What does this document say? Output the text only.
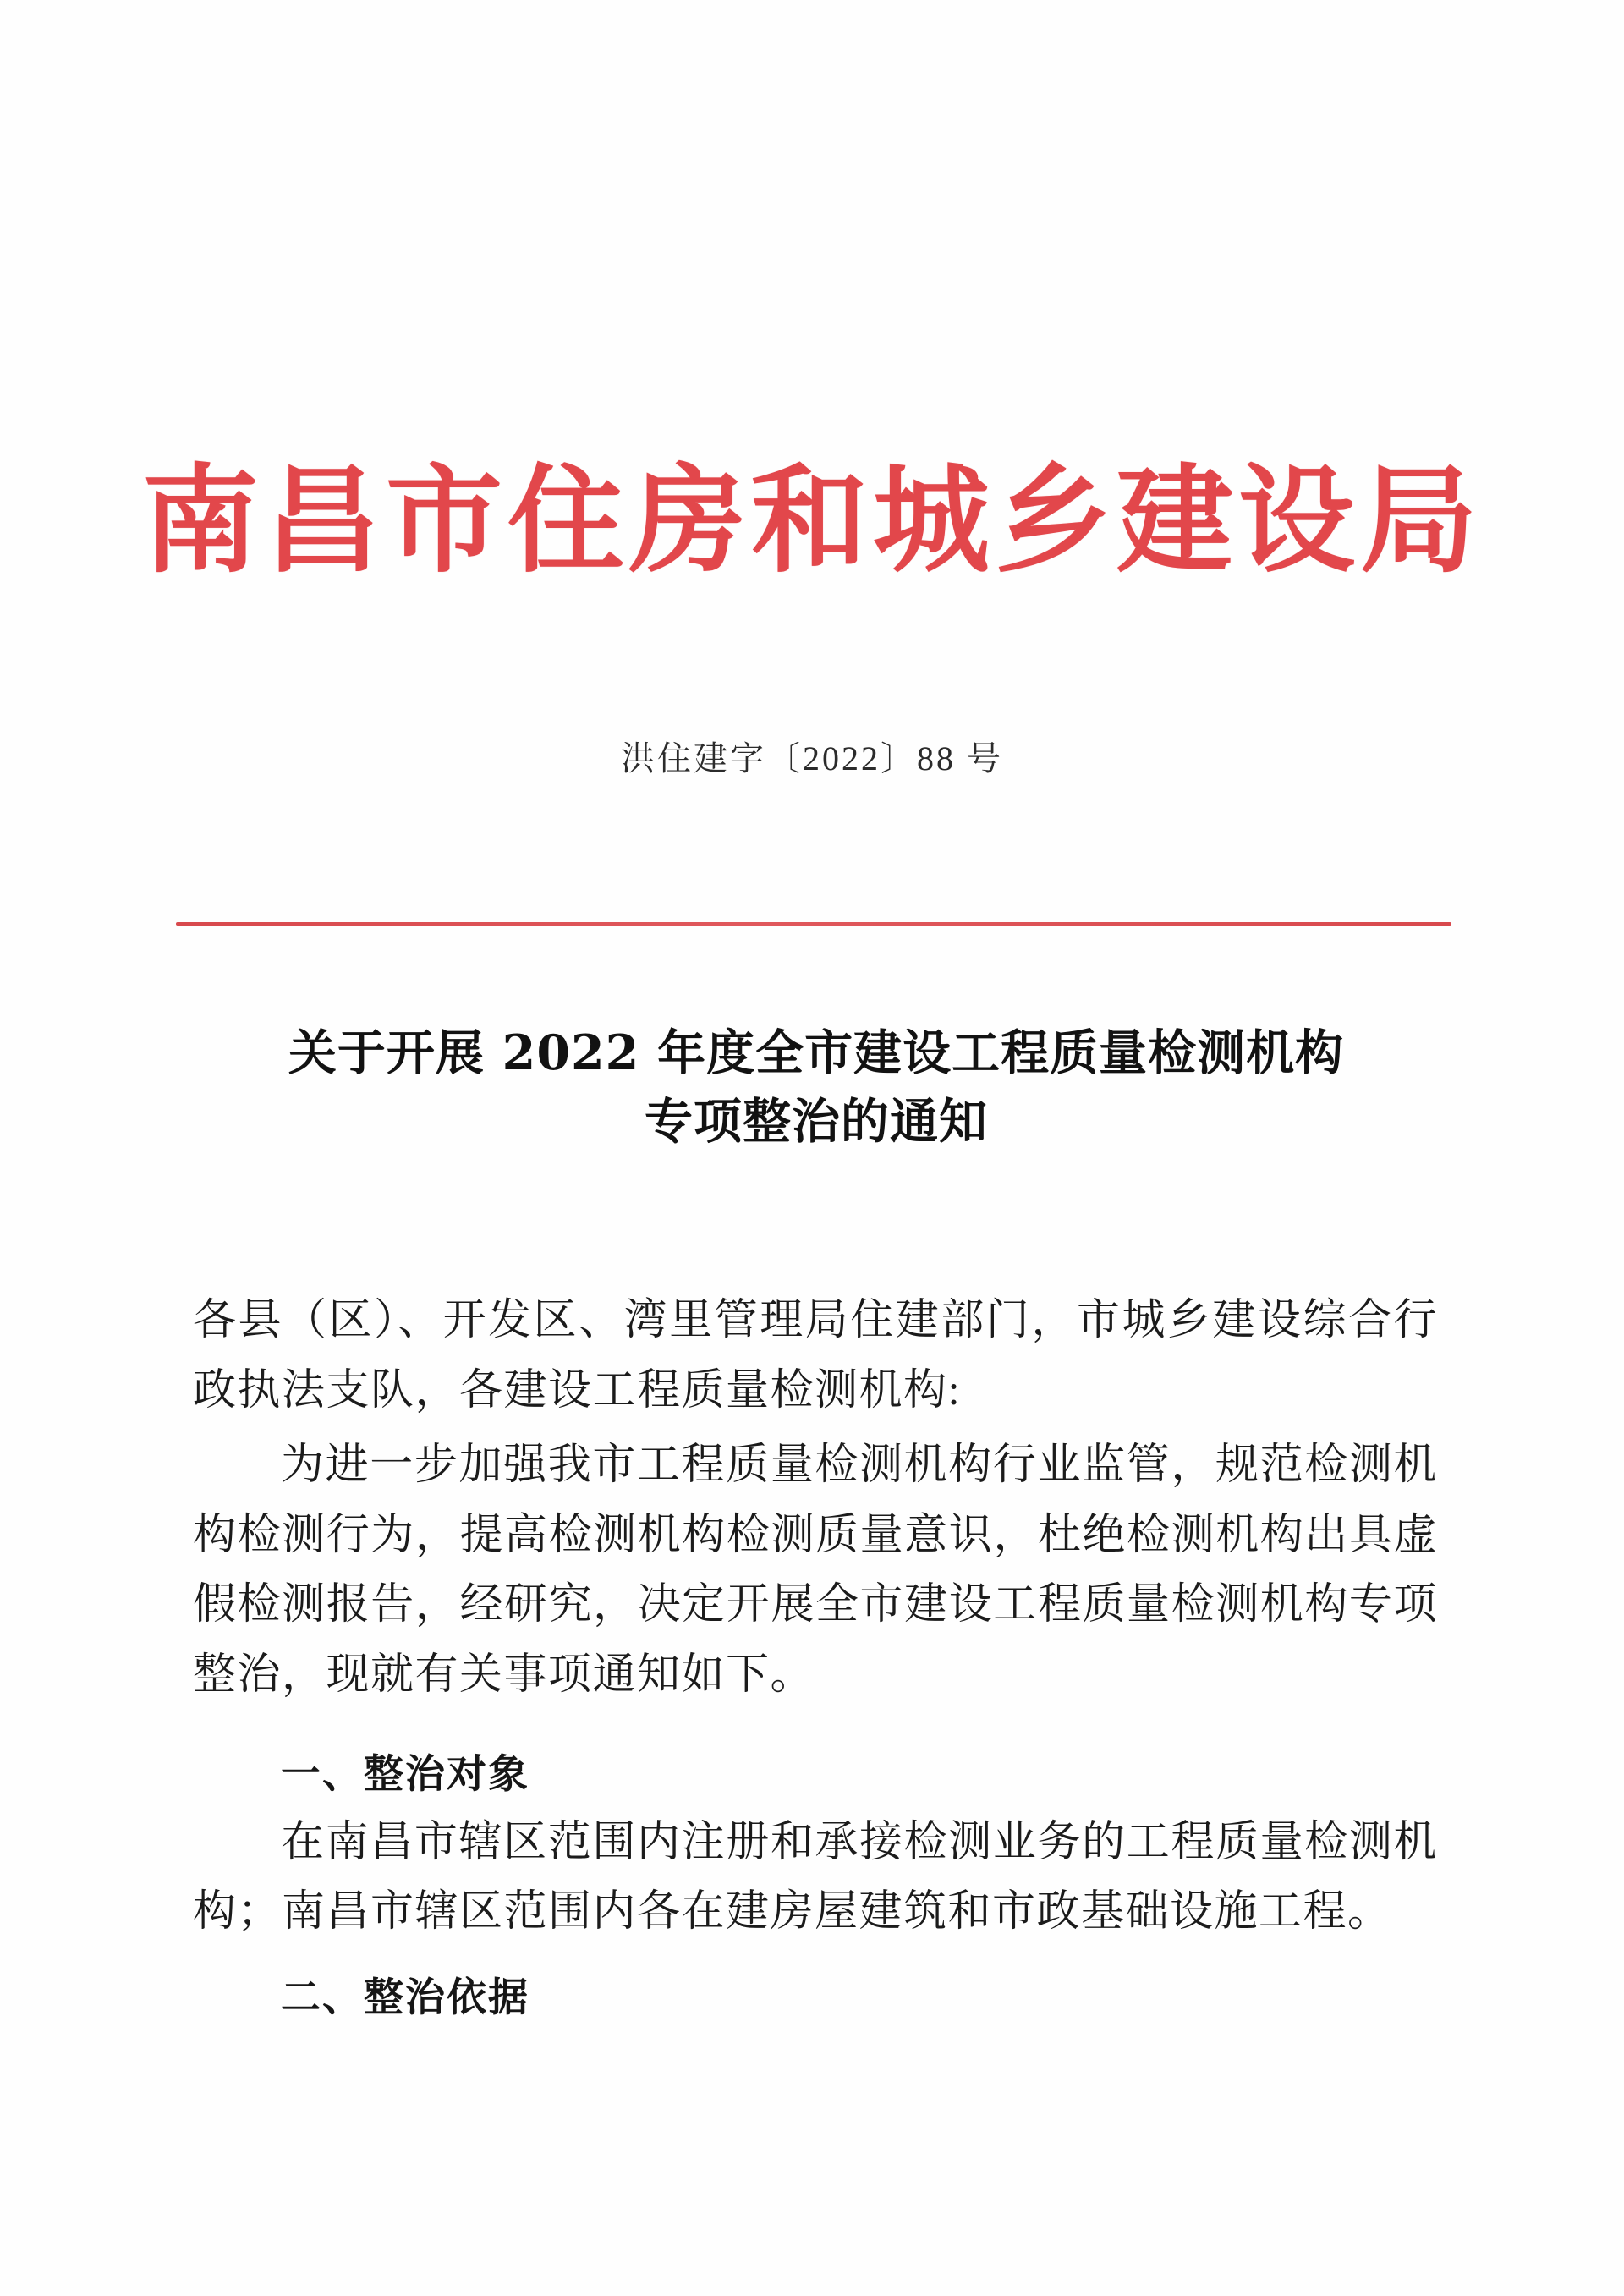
南昌市住房和城乡建设局
洪住建字〔2022〕88 号
关于开展 2022 年度全市建设工程质量检测机构
专项整治的通知

各县（区）、开发区、湾里管理局住建部门，市城乡建设综合行政执法支队，各建设工程质量检测机构:

为进一步加强我市工程质量检测机构行业监管，规范检测机构检测行为，提高检测机构检测质量意识，杜绝检测机构出具虚假检测报告，经研究，决定开展全市建设工程质量检测机构专项整治，现就有关事项通知如下。

一、整治对象

在南昌市辖区范围内注册和承接检测业务的工程质量检测机构；南昌市辖区范围内各在建房屋建筑和市政基础设施工程。

二、整治依据
